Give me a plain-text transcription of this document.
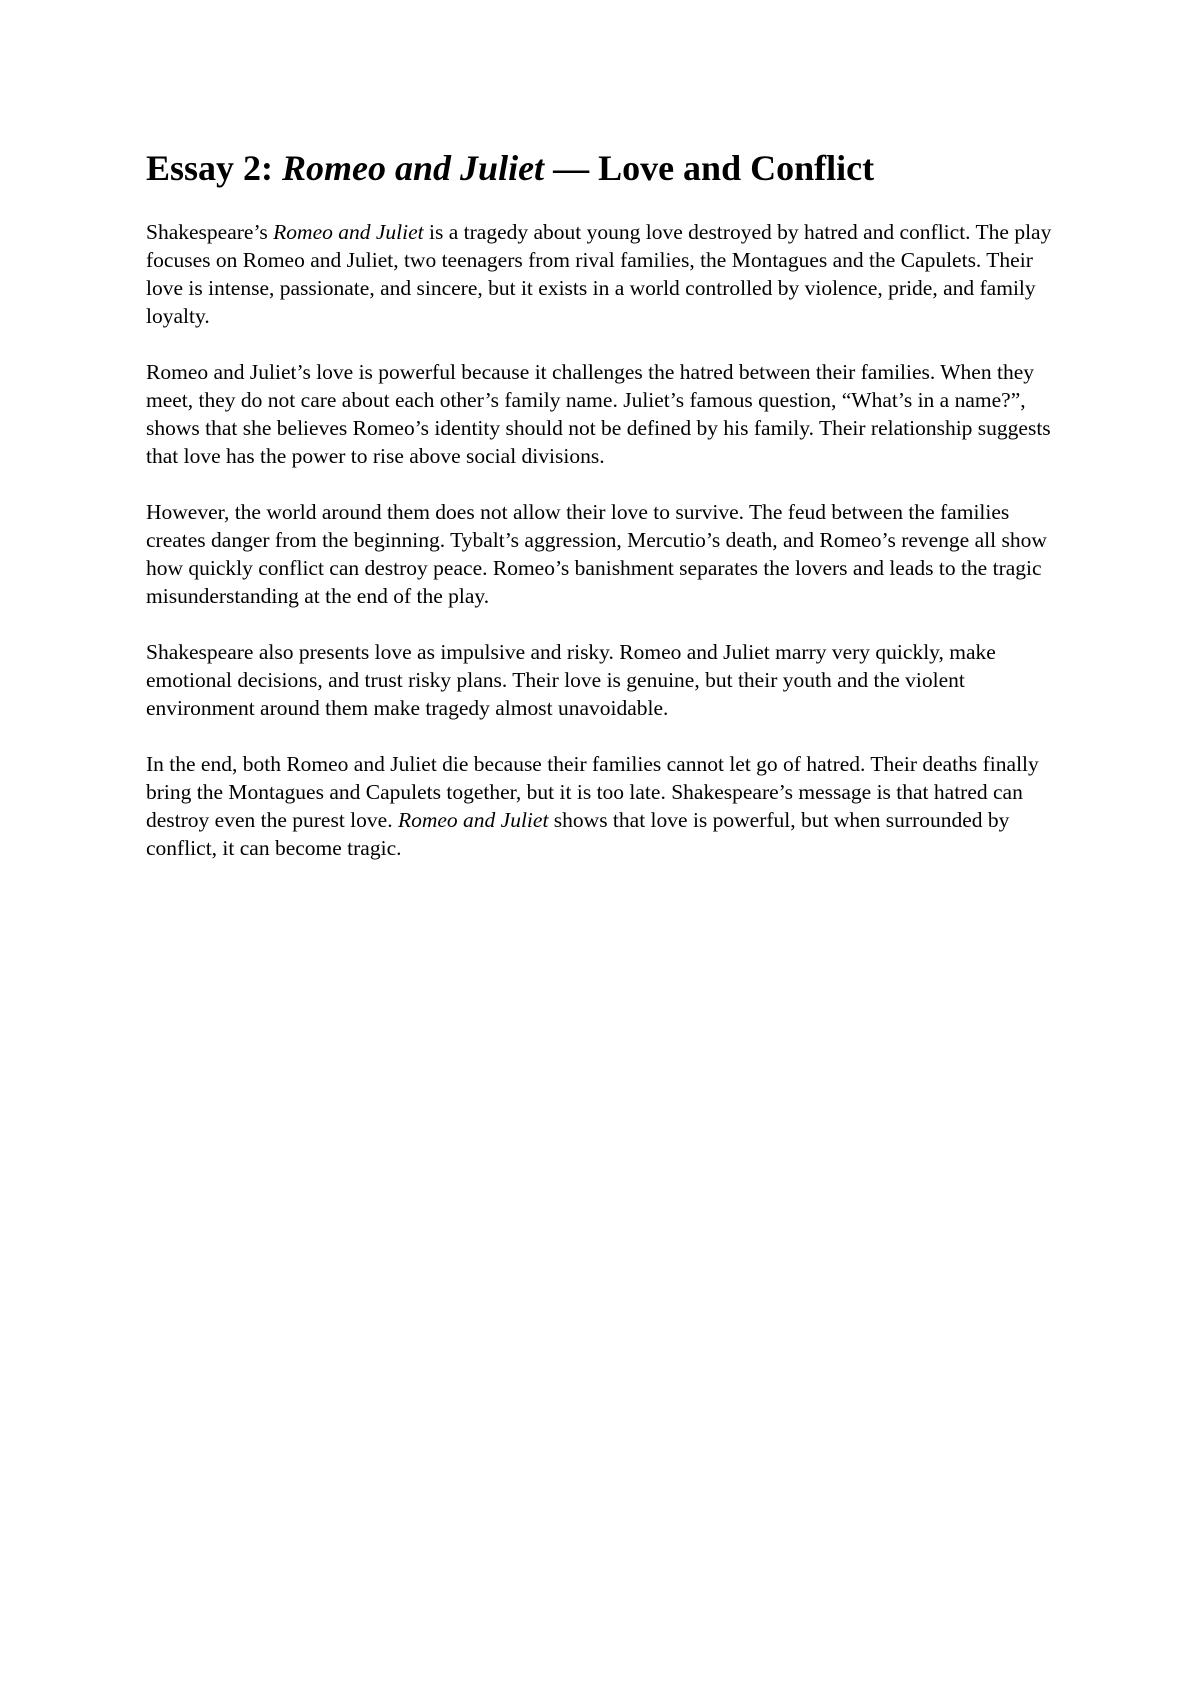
Essay 2: Romeo and Juliet — Love and Conflict

Shakespeare’s Romeo and Juliet is a tragedy about young love destroyed by hatred and conflict. The play focuses on Romeo and Juliet, two teenagers from rival families, the Montagues and the Capulets. Their love is intense, passionate, and sincere, but it exists in a world controlled by violence, pride, and family loyalty.

Romeo and Juliet’s love is powerful because it challenges the hatred between their families. When they meet, they do not care about each other’s family name. Juliet’s famous question, “What’s in a name?”, shows that she believes Romeo’s identity should not be defined by his family. Their relationship suggests that love has the power to rise above social divisions.

However, the world around them does not allow their love to survive. The feud between the families creates danger from the beginning. Tybalt’s aggression, Mercutio’s death, and Romeo’s revenge all show how quickly conflict can destroy peace. Romeo’s banishment separates the lovers and leads to the tragic misunderstanding at the end of the play.

Shakespeare also presents love as impulsive and risky. Romeo and Juliet marry very quickly, make emotional decisions, and trust risky plans. Their love is genuine, but their youth and the violent environment around them make tragedy almost unavoidable.

In the end, both Romeo and Juliet die because their families cannot let go of hatred. Their deaths finally bring the Montagues and Capulets together, but it is too late. Shakespeare’s message is that hatred can destroy even the purest love. Romeo and Juliet shows that love is powerful, but when surrounded by conflict, it can become tragic.
